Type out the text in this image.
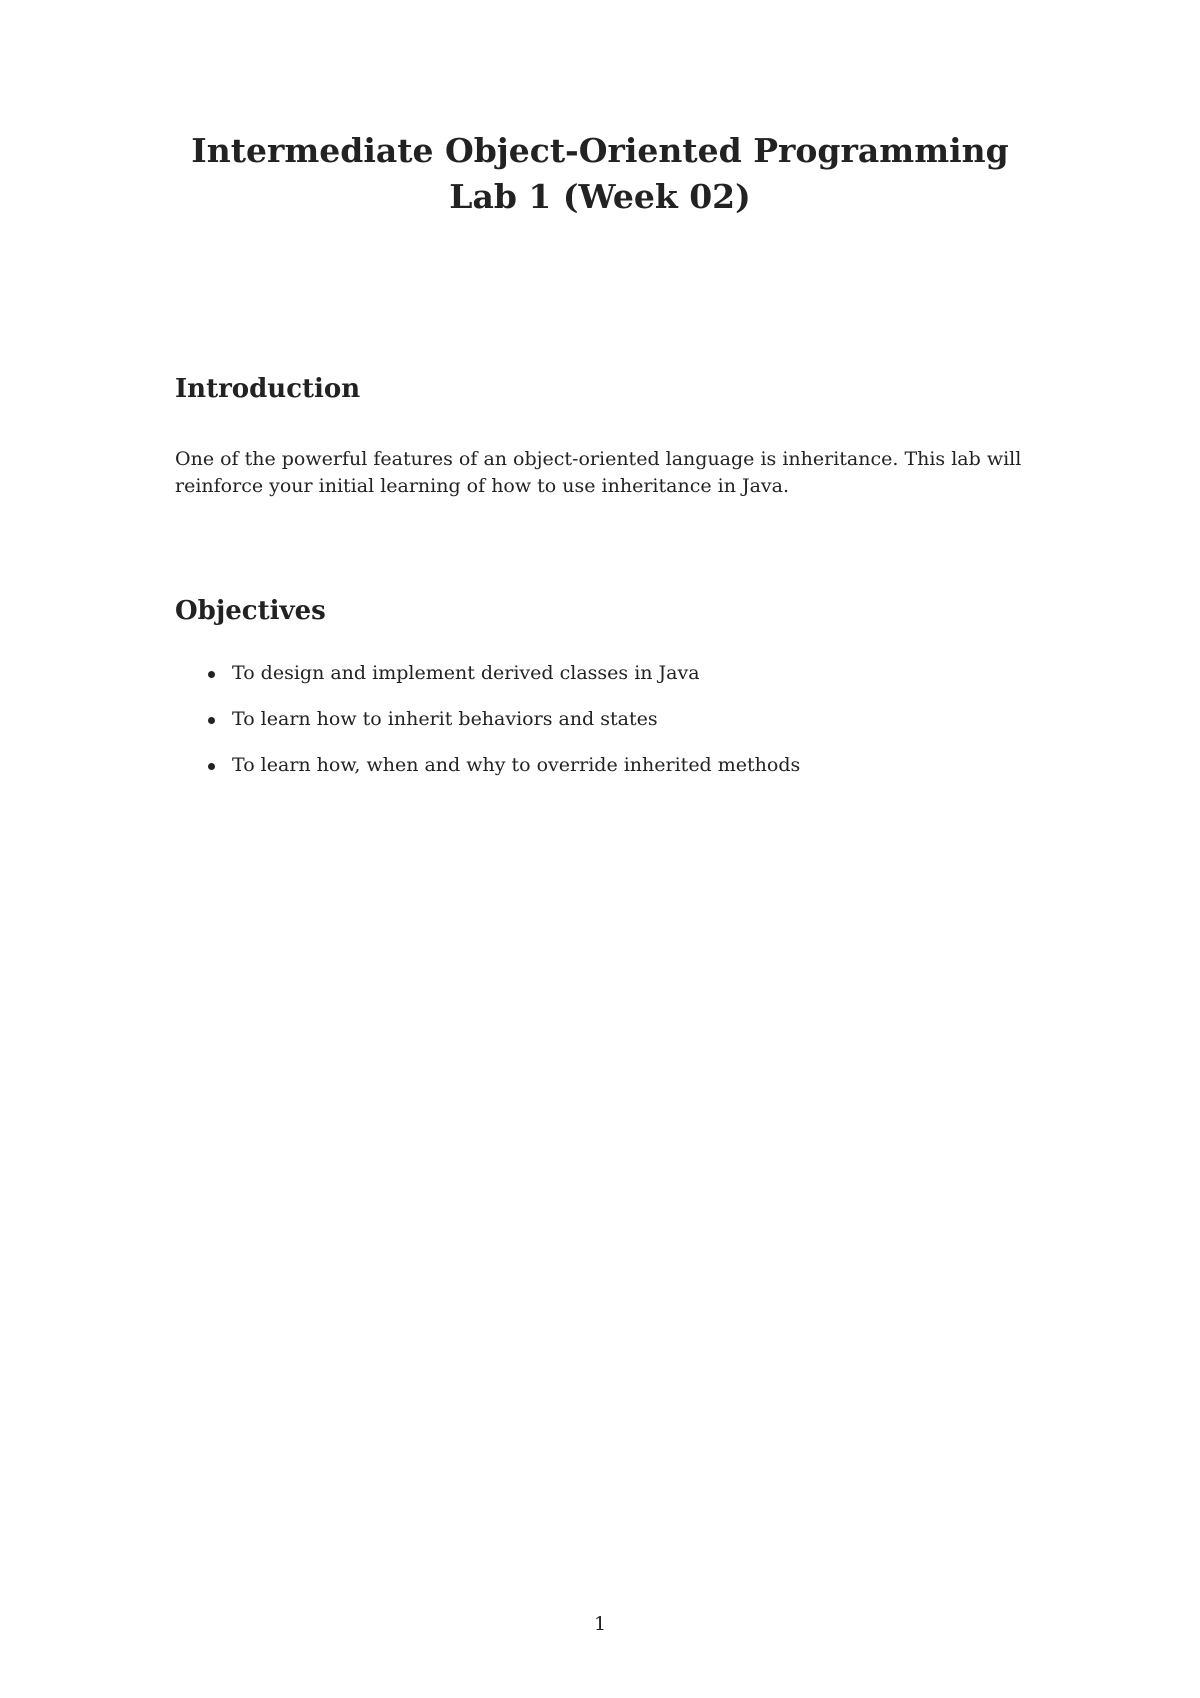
Intermediate Object-Oriented Programming

Lab 1 (Week 02)

Introduction

One of the powerful features of an object-oriented language is inheritance. This lab will reinforce your initial learning of how to use inheritance in Java.

Objectives
To design and implement derived classes in Java
To learn how to inherit behaviors and states
To learn how, when and why to override inherited methods
1
